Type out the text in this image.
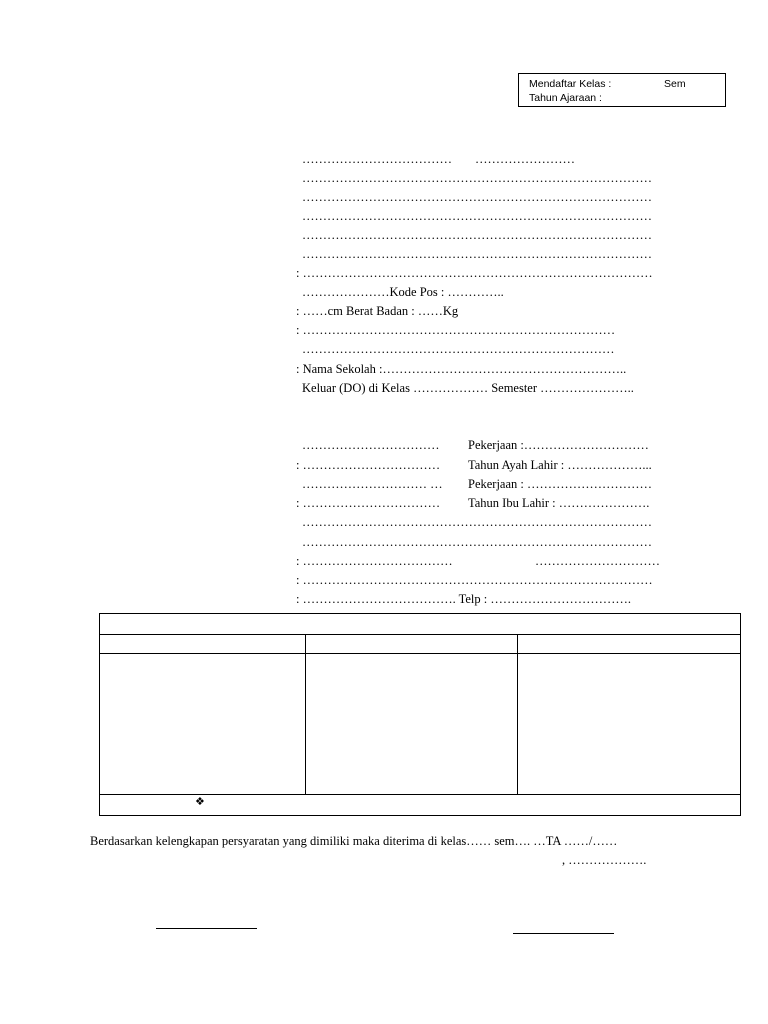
Mendaftar Kelas :	Sem
Tahun Ajaraan :
……………………………… ……………………
…………………………………………………………………………
…………………………………………………………………………
…………………………………………………………………………
…………………………………………………………………………
…………………………………………………………………………
: …………………………………………………………………………
…………………Kode Pos : …………..
: ……cm Berat Badan : ……Kg
: …………………………………………………………………
…………………………………………………………………
: Nama Sekolah :…………………………………………………..
Keluar (DO) di Kelas ……………… Semester …………………..
…………………………… Pekerjaan :…………………………
: …………………………… Tahun Ayah Lahir : ………………...
………………………… … Pekerjaan : …………………………
: …………………………… Tahun Ibu Lahir : ………………….
…………………………………………………………………………
…………………………………………………………………………
: ………………………………	…………………………
: …………………………………………………………………………
: ………………………………. Telp : …………………………….
❖
Berdasarkan kelengkapan persyaratan yang dimiliki maka diterima di kelas…… sem…. …TA ……/……
, ……………….
